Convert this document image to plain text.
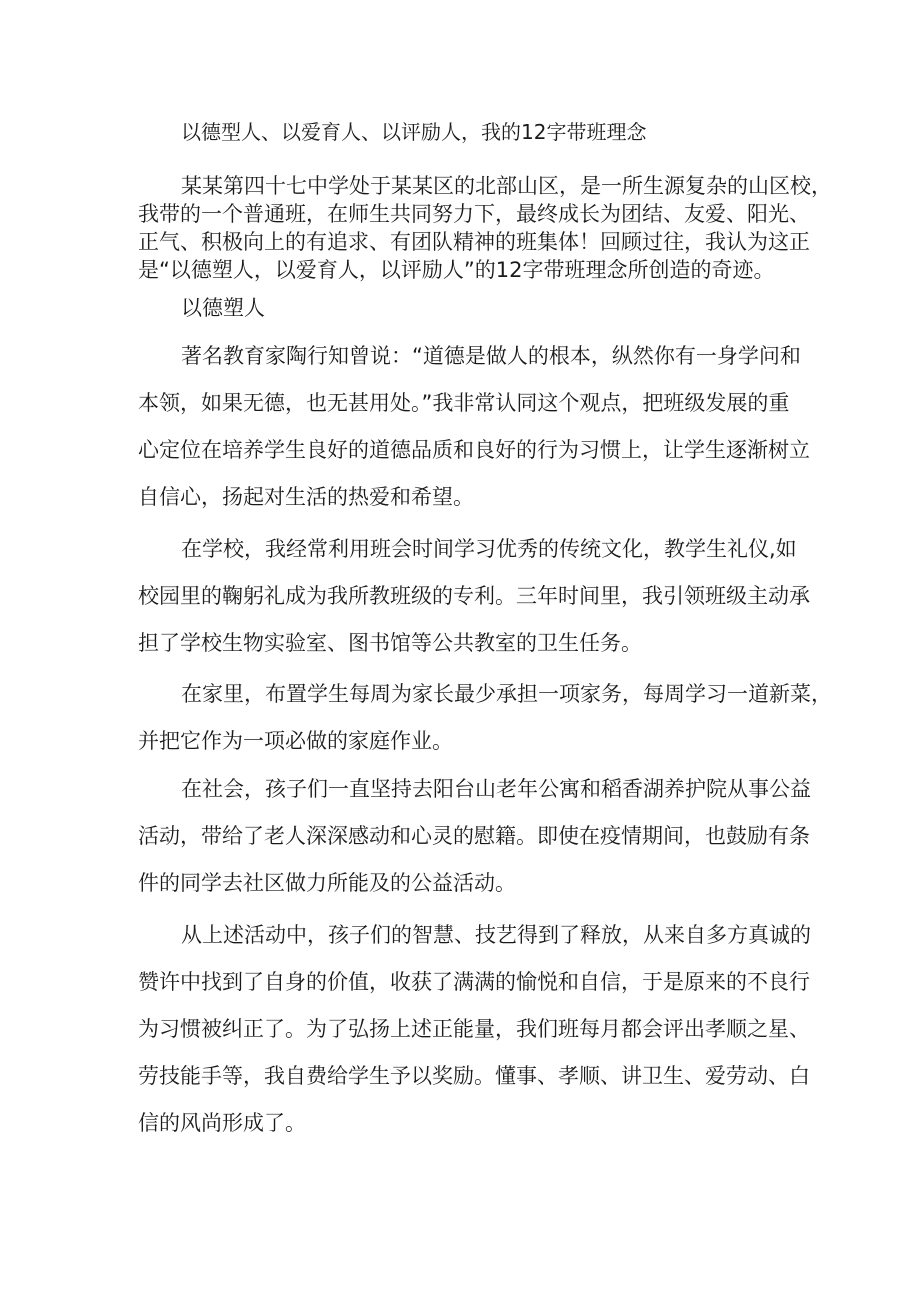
以德型人、以爱育人、以评励人，我的12字带班理念

某某第四十七中学处于某某区的北部山区，是一所生源复杂的山区校，

我带的一个普通班，在师生共同努力下，最终成长为团结、友爱、阳光、

正气、积极向上的有追求、有团队精神的班集体！回顾过往，我认为这正

是“以德塑人，以爱育人，以评励人”的12字带班理念所创造的奇迹。

以德塑人

著名教育家陶行知曾说：“道德是做人的根本，纵然你有一身学问和

本领，如果无德，也无甚用处。”我非常认同这个观点，把班级发展的重

心定位在培养学生良好的道德品质和良好的行为习惯上，让学生逐渐树立

自信心，扬起对生活的热爱和希望。

在学校，我经常利用班会时间学习优秀的传统文化，教学生礼仪,如

校园里的鞠躬礼成为我所教班级的专利。三年时间里，我引领班级主动承

担了学校生物实验室、图书馆等公共教室的卫生任务。

在家里，布置学生每周为家长最少承担一项家务，每周学习一道新菜，

并把它作为一项必做的家庭作业。

在社会，孩子们一直坚持去阳台山老年公寓和稻香湖养护院从事公益

活动，带给了老人深深感动和心灵的慰籍。即使在疫情期间，也鼓励有条

件的同学去社区做力所能及的公益活动。

从上述活动中，孩子们的智慧、技艺得到了释放，从来自多方真诚的

赞许中找到了自身的价值，收获了满满的愉悦和自信，于是原来的不良行

为习惯被纠正了。为了弘扬上述正能量，我们班每月都会评出孝顺之星、

劳技能手等，我自费给学生予以奖励。懂事、孝顺、讲卫生、爱劳动、白

信的风尚形成了。
